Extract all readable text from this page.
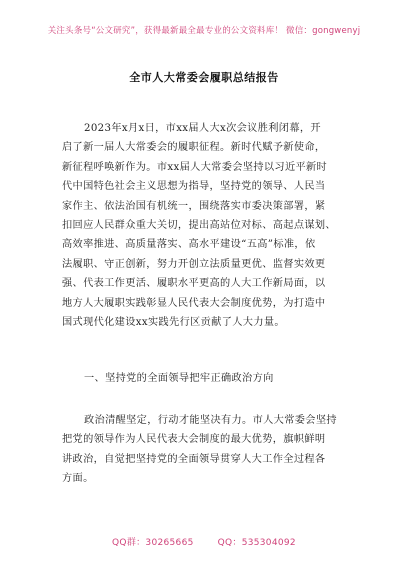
关注头条号“公文研究”，获得最新最全最专业的公文资料库！ 微信：gongwenyj
全市人大常委会履职总结报告
2023年x月x日，市xx届人大x次会议胜利闭幕，开
启了新一届人大常委会的履职征程。新时代赋予新使命，
新征程呼唤新作为。市xx届人大常委会坚持以习近平新时
代中国特色社会主义思想为指导，坚持党的领导、人民当
家作主、依法治国有机统一，围绕落实市委决策部署，紧
扣回应人民群众重大关切，提出高站位对标、高起点谋划、
高效率推进、高质量落实、高水平建设“五高”标准，依
法履职、守正创新，努力开创立法质量更优、监督实效更
强、代表工作更活、履职水平更高的人大工作新局面，以
地方人大履职实践彰显人民代表大会制度优势，为打造中
国式现代化建设xx实践先行区贡献了人大力量。
一、坚持党的全面领导把牢正确政治方向
政治清醒坚定，行动才能坚决有力。市人大常委会坚持
把党的领导作为人民代表大会制度的最大优势，旗帜鲜明
讲政治，自觉把坚持党的全面领导贯穿人大工作全过程各
方面。
QQ群：30265665	QQ：535304092
